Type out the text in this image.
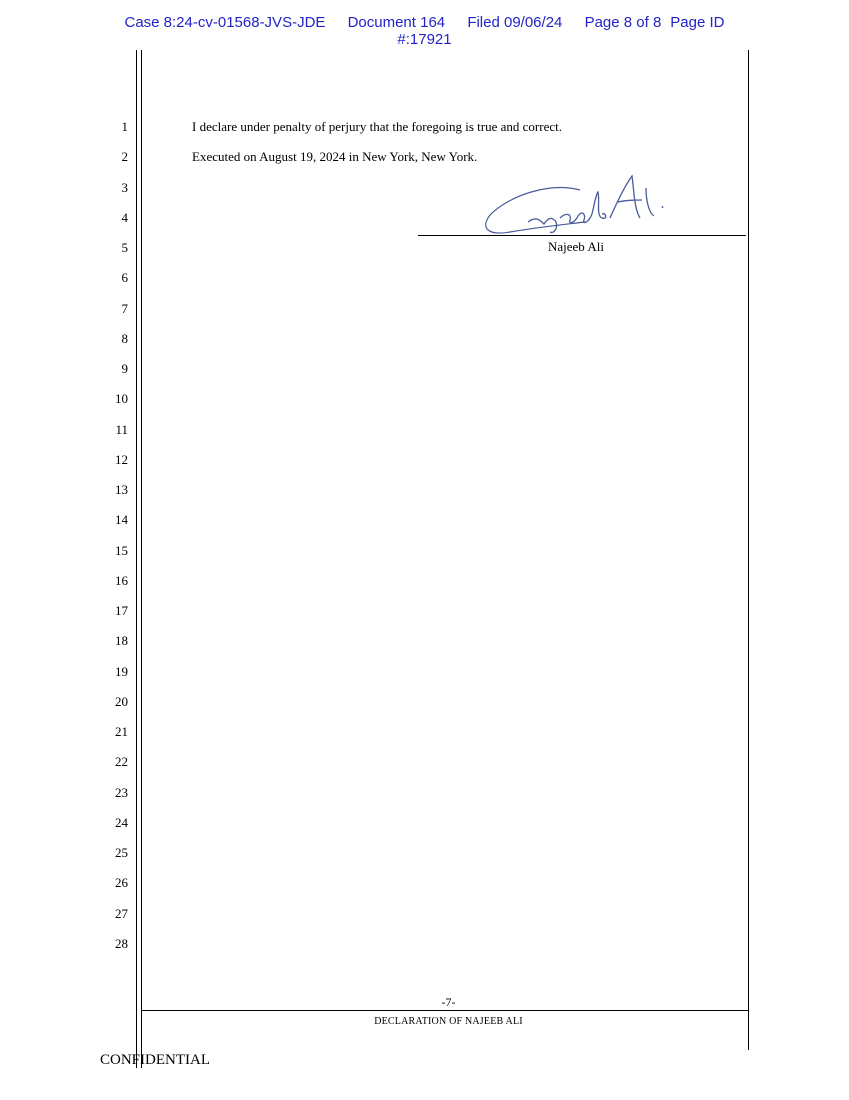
Case 8:24-cv-01568-JVS-JDE Document 164 Filed 09/06/24 Page 8 of 8 Page ID
#:17921
1
2
3
4
5
6
7
8
9
10
11
12
13
14
15
16
17
18
19
20
21
22
23
24
25
26
27
28
I declare under penalty of perjury that the foregoing is true and correct.
Executed on August 19, 2024 in New York, New York.
Najeeb Ali
-7-
DECLARATION OF NAJEEB ALI
CONFIDENTIAL
